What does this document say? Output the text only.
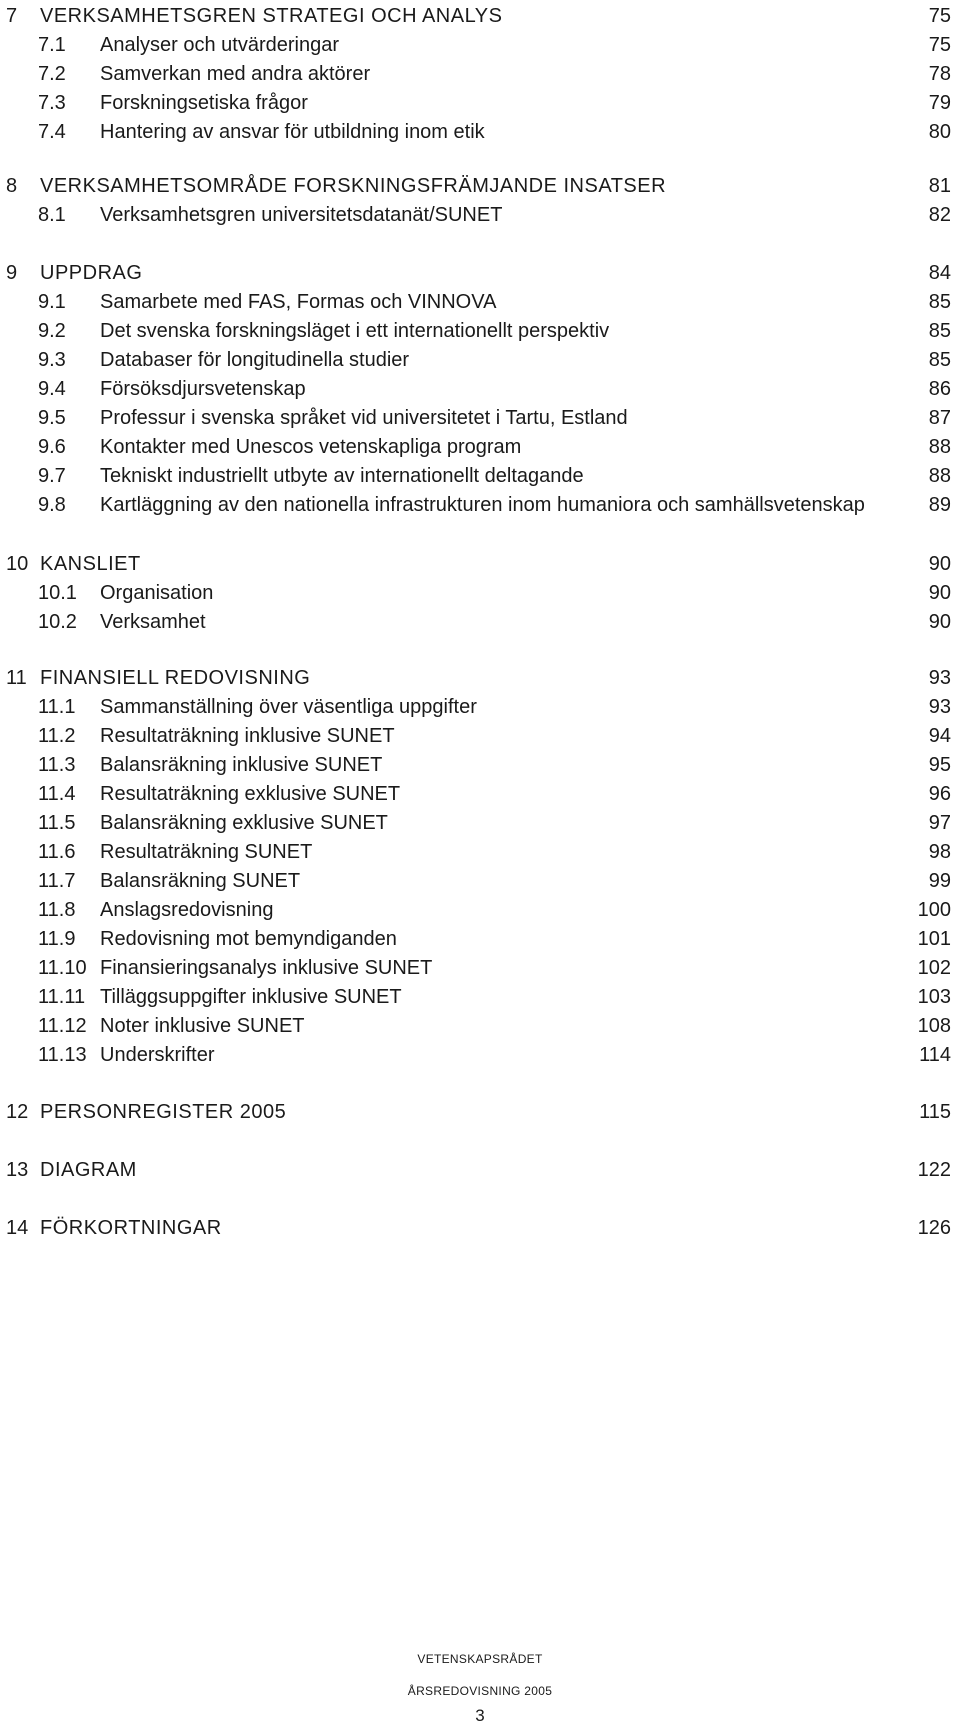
7 VERKSAMHETSGREN STRATEGI OCH ANALYS	75
7.1 Analyser och utvärderingar	75
7.2 Samverkan med andra aktörer	78
7.3 Forskningsetiska frågor	79
7.4 Hantering av ansvar för utbildning inom etik	80
8 VERKSAMHETSOMRÅDE FORSKNINGSFRÄMJANDE INSATSER	81
8.1 Verksamhetsgren universitetsdatanät/SUNET	82
9 UPPDRAG	84
9.1 Samarbete med FAS, Formas och VINNOVA	85
9.2 Det svenska forskningsläget i ett internationellt perspektiv	85
9.3 Databaser för longitudinella studier	85
9.4 Försöksdjursvetenskap	86
9.5 Professur i svenska språket vid universitetet i Tartu, Estland	87
9.6 Kontakter med Unescos vetenskapliga program	88
9.7 Tekniskt industriellt utbyte av internationellt deltagande	88
9.8 Kartläggning av den nationella infrastrukturen inom humaniora och samhällsvetenskap	89
10 KANSLIET	90
10.1 Organisation	90
10.2 Verksamhet	90
11 FINANSIELL REDOVISNING	93
11.1 Sammanställning över väsentliga uppgifter	93
11.2 Resultaträkning inklusive SUNET	94
11.3 Balansräkning inklusive SUNET	95
11.4 Resultaträkning exklusive SUNET	96
11.5 Balansräkning exklusive SUNET	97
11.6 Resultaträkning SUNET	98
11.7 Balansräkning SUNET	99
11.8 Anslagsredovisning	100
11.9 Redovisning mot bemyndiganden	101
11.10 Finansieringsanalys inklusive SUNET	102
11.11 Tilläggsuppgifter inklusive SUNET	103
11.12 Noter inklusive SUNET	108
11.13 Underskrifter	114
12 PERSONREGISTER 2005	115
13 DIAGRAM	122
14 FÖRKORTNINGAR	126
VETENSKAPSRÅDET
ÅRSREDOVISNING 2005
3
